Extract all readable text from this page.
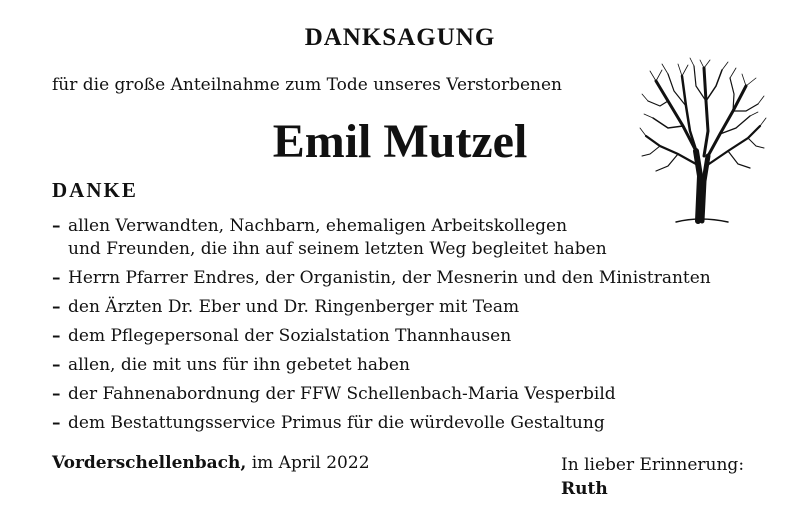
DANKSAGUNG
für die große Anteilnahme zum Tode unseres Verstorbenen
Emil Mutzel
DANKE
– allen Verwandten, Nachbarn, ehemaligen Arbeitskollegen
und Freunden, die ihn auf seinem letzten Weg begleitet haben
– Herrn Pfarrer Endres, der Organistin, der Mesnerin und den Ministranten
– den Ärzten Dr. Eber und Dr. Ringenberger mit Team
– dem Pflegepersonal der Sozialstation Thannhausen
– allen, die mit uns für ihn gebetet haben
– der Fahnenabordnung der FFW Schellenbach-Maria Vesperbild
– dem Bestattungsservice Primus für die würdevolle Gestaltung
Vorderschellenbach, im April 2022	In lieber Erinnerung:
Ruth
